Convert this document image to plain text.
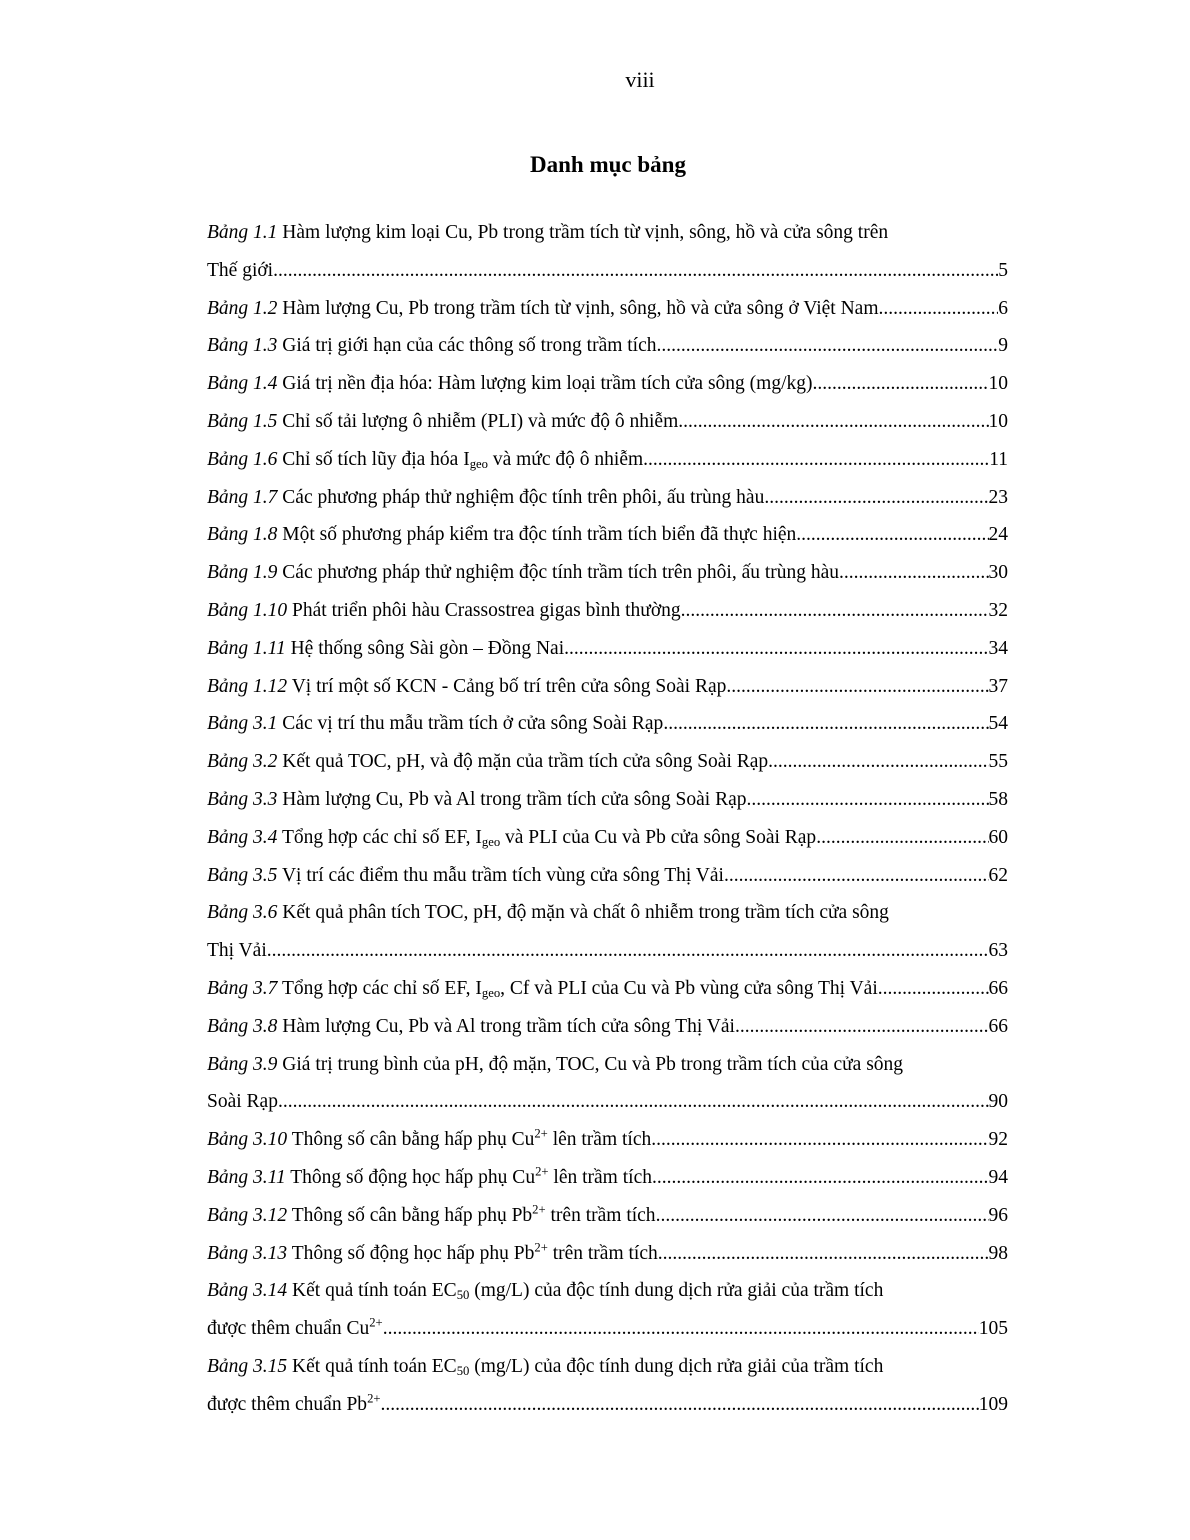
viii
Danh mục bảng
Bảng 1.1 Hàm lượng kim loại Cu, Pb trong trầm tích từ vịnh, sông, hồ và cửa sông trên
Thế giới .....	5
Bảng 1.2 Hàm lượng Cu, Pb trong trầm tích từ vịnh, sông, hồ và cửa sông ở Việt Nam .....	6
Bảng 1.3 Giá trị giới hạn của các thông số trong trầm tích .....	9
Bảng 1.4 Giá trị nền địa hóa: Hàm lượng kim loại trầm tích cửa sông (mg/kg) .....	10
Bảng 1.5 Chỉ số tải lượng ô nhiễm (PLI) và mức độ ô nhiễm .....	10
Bảng 1.6 Chỉ số tích lũy địa hóa $I_{geo}$ và mức độ ô nhiễm .....	11
Bảng 1.7 Các phương pháp thử nghiệm độc tính trên phôi, ấu trùng hàu .....	23
Bảng 1.8 Một số phương pháp kiểm tra độc tính trầm tích biển đã thực hiện .....	24
Bảng 1.9 Các phương pháp thử nghiệm độc tính trầm tích trên phôi, ấu trùng hàu .....	30
Bảng 1.10 Phát triển phôi hàu Crassostrea gigas bình thường .....	32
Bảng 1.11 Hệ thống sông Sài gòn – Đồng Nai .....	34
Bảng 1.12 Vị trí một số KCN - Cảng bố trí trên cửa sông Soài Rạp .....	37
Bảng 3.1 Các vị trí thu mẫu trầm tích ở cửa sông Soài Rạp .....	54
Bảng 3.2 Kết quả TOC, pH, và độ mặn của trầm tích cửa sông Soài Rạp .....	55
Bảng 3.3 Hàm lượng Cu, Pb và Al trong trầm tích cửa sông Soài Rạp .....	58
Bảng 3.4 Tổng hợp các chỉ số EF, $I_{geo}$ và PLI của Cu và Pb cửa sông Soài Rạp .....	60
Bảng 3.5 Vị trí các điểm thu mẫu trầm tích vùng cửa sông Thị Vải .....	62
Bảng 3.6 Kết quả phân tích TOC, pH, độ mặn và chất ô nhiễm trong trầm tích cửa sông
Thị Vải .....	63
Bảng 3.7 Tổng hợp các chỉ số EF, $I_{geo}$, Cf và PLI của Cu và Pb vùng cửa sông Thị Vải .....	66
Bảng 3.8 Hàm lượng Cu, Pb và Al trong trầm tích cửa sông Thị Vải .....	66
Bảng 3.9 Giá trị trung bình của pH, độ mặn, TOC, Cu và Pb trong trầm tích của cửa sông
Soài Rạp .....	90
Bảng 3.10 Thông số cân bằng hấp phụ $Cu^{2+}$ lên trầm tích .....	92
Bảng 3.11 Thông số động học hấp phụ $Cu^{2+}$ lên trầm tích .....	94
Bảng 3.12 Thông số cân bằng hấp phụ $Pb^{2+}$ trên trầm tích .....	96
Bảng 3.13 Thông số động học hấp phụ $Pb^{2+}$ trên trầm tích .....	98
Bảng 3.14 Kết quả tính toán $EC_{50}$ (mg/L) của độc tính dung dịch rửa giải của trầm tích
được thêm chuẩn $Cu^{2+}$ .....	105
Bảng 3.15 Kết quả tính toán $EC_{50}$ (mg/L) của độc tính dung dịch rửa giải của trầm tích
được thêm chuẩn $Pb^{2+}$ .....	109
